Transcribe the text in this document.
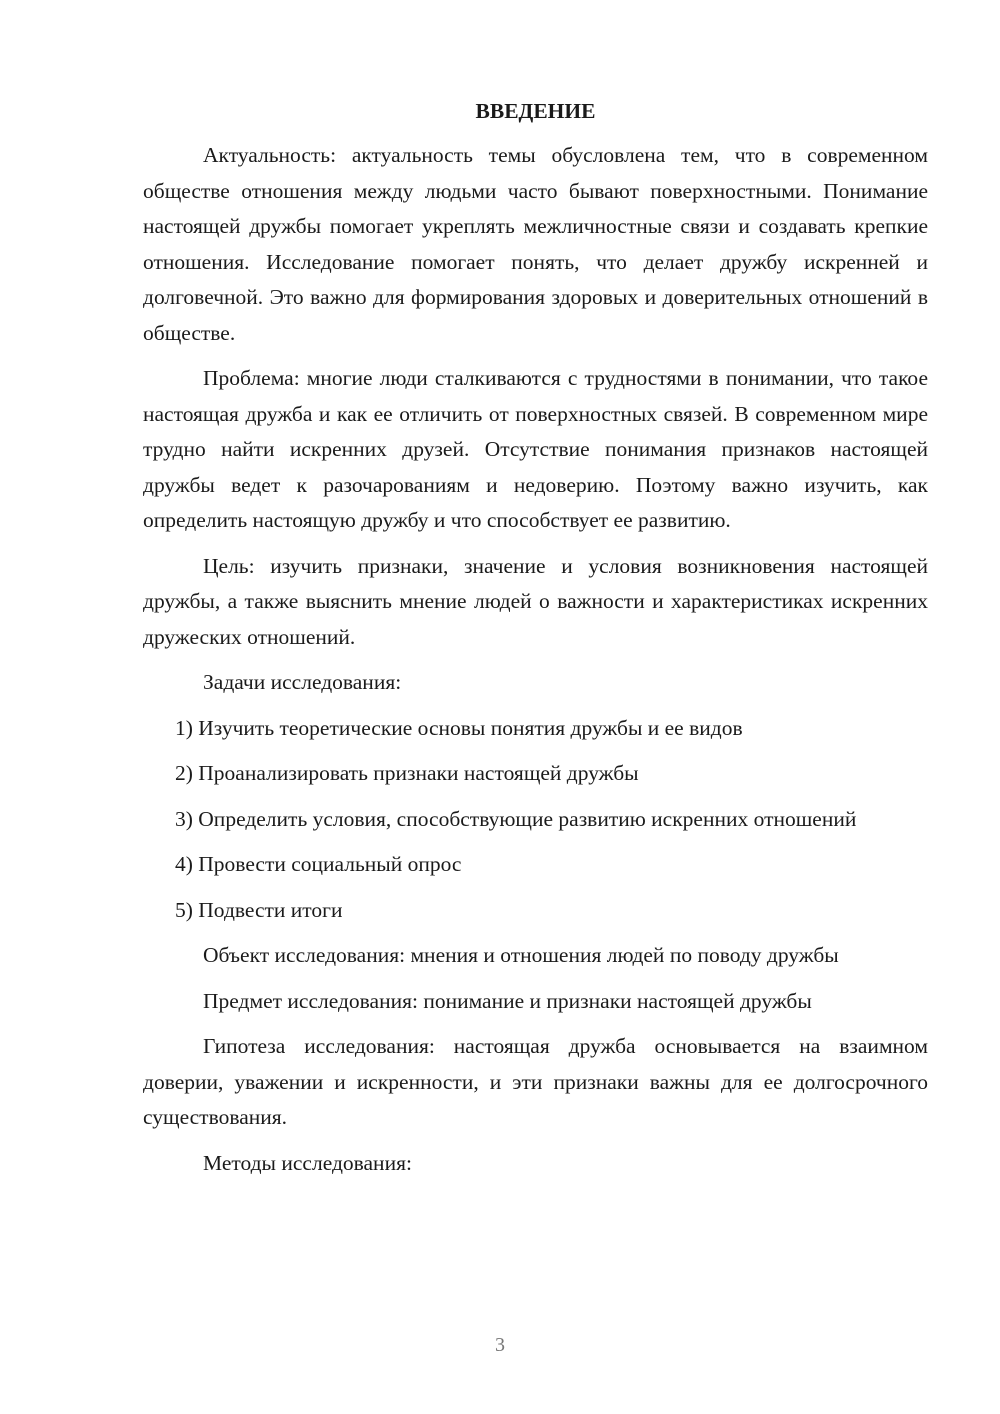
ВВЕДЕНИЕ

Актуальность: актуальность темы обусловлена тем, что в современном обществе отношения между людьми часто бывают поверхностными. Понимание настоящей дружбы помогает укреплять межличностные связи и создавать крепкие отношения. Исследование помогает понять, что делает дружбу искренней и долговечной. Это важно для формирования здоровых и доверительных отношений в обществе.

Проблема: многие люди сталкиваются с трудностями в понимании, что такое настоящая дружба и как ее отличить от поверхностных связей. В современном мире трудно найти искренних друзей. Отсутствие понимания признаков настоящей дружбы ведет к разочарованиям и недоверию. Поэтому важно изучить, как определить настоящую дружбу и что способствует ее развитию.

Цель: изучить признаки, значение и условия возникновения настоящей дружбы, а также выяснить мнение людей о важности и характеристиках искренних дружеских отношений.

Задачи исследования:

1) Изучить теоретические основы понятия дружбы и ее видов

2) Проанализировать признаки настоящей дружбы

3) Определить условия, способствующие развитию искренних отношений

4) Провести социальный опрос

5) Подвести итоги

Объект исследования: мнения и отношения людей по поводу дружбы

Предмет исследования: понимание и признаки настоящей дружбы

Гипотеза исследования: настоящая дружба основывается на взаимном доверии, уважении и искренности, и эти признаки важны для ее долгосрочного существования.

Методы исследования:

3
